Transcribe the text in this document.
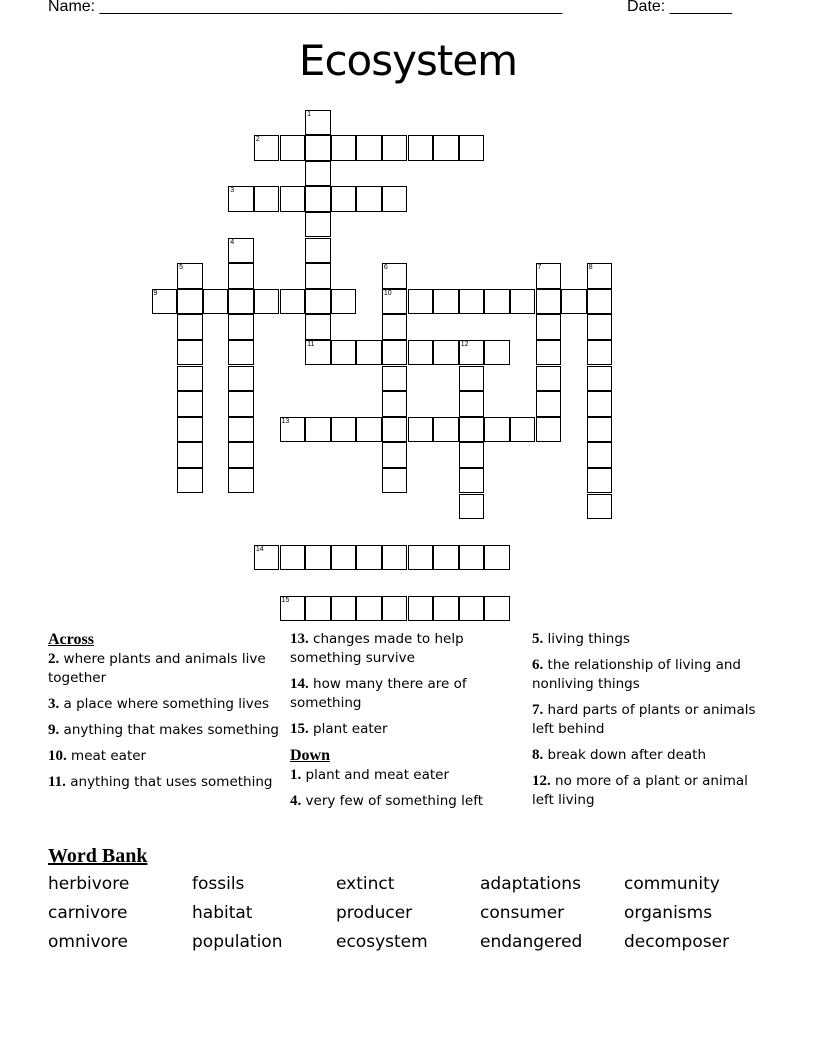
Name: ____________________________________________________	Date: _______
Ecosystem
1
2
3
4
5	6
10
7	8
9
11	12
13
14
15
Across
2. where plants and animals live together
3. a place where something lives
9. anything that makes something
10. meat eater
11. anything that uses something
13. changes made to help something survive
14. how many there are of something
15. plant eater
Down
1. plant and meat eater
4. very few of something left
5. living things
6. the relationship of living and nonliving things
7. hard parts of plants or animals left behind
8. break down after death
12. no more of a plant or animal left living
Word Bank
herbivore	fossils	extinct	adaptations	community
carnivore	habitat	producer	consumer	organisms
omnivore	population	ecosystem	endangered	decomposer
